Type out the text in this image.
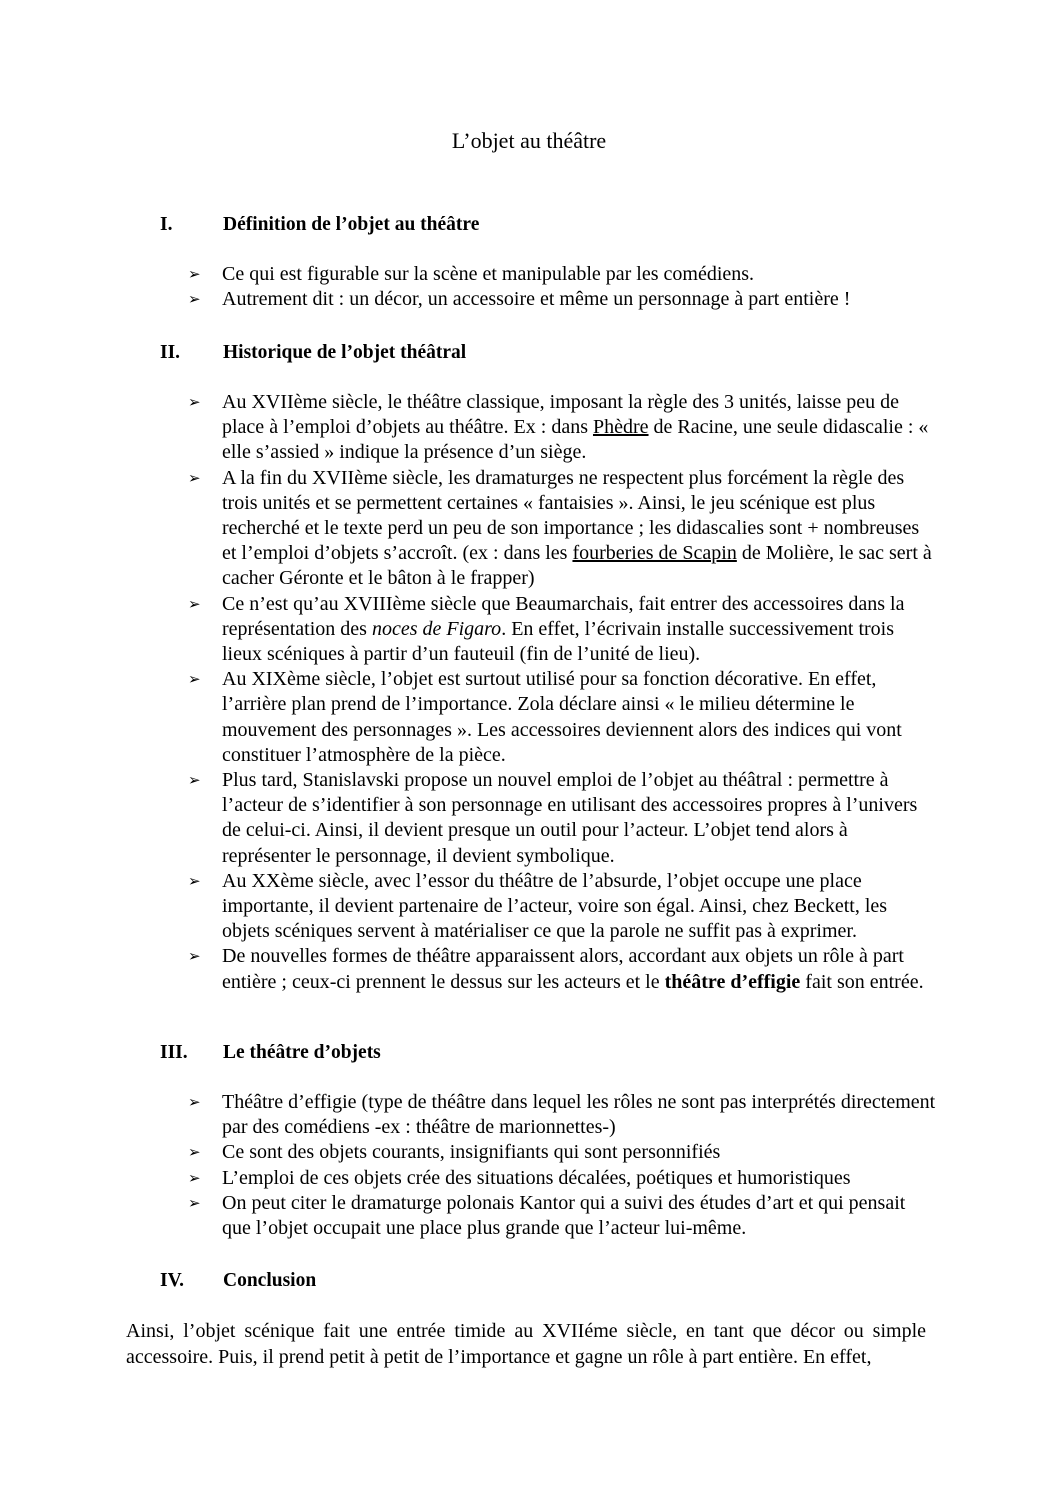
L’objet au théâtre
I.	Définition de l’objet au théâtre
➢ Ce qui est figurable sur la scène et manipulable par les comédiens.
➢ Autrement dit : un décor, un accessoire et même un personnage à part entière !
II. Historique de l’objet théâtral
➢ Au XVIIème siècle, le théâtre classique, imposant la règle des 3 unités, laisse peu de place à l’emploi d’objets au théâtre. Ex : dans Phèdre de Racine, une seule didascalie : « elle s’assied » indique la présence d’un siège.
➢ A la fin du XVIIème siècle, les dramaturges ne respectent plus forcément la règle des trois unités et se permettent certaines « fantaisies ». Ainsi, le jeu scénique est plus recherché et le texte perd un peu de son importance ; les didascalies sont + nombreuses et l’emploi d’objets s’accroît. (ex : dans les fourberies de Scapin de Molière, le sac sert à cacher Géronte et le bâton à le frapper)
➢ Ce n’est qu’au XVIIIème siècle que Beaumarchais, fait entrer des accessoires dans la représentation des noces de Figaro. En effet, l’écrivain installe successivement trois lieux scéniques à partir d’un fauteuil (fin de l’unité de lieu).
➢ Au XIXème siècle, l’objet est surtout utilisé pour sa fonction décorative. En effet, l’arrière plan prend de l’importance. Zola déclare ainsi « le milieu détermine le mouvement des personnages ». Les accessoires deviennent alors des indices qui vont constituer l’atmosphère de la pièce.
➢ Plus tard, Stanislavski propose un nouvel emploi de l’objet au théâtral : permettre à l’acteur de s’identifier à son personnage en utilisant des accessoires propres à l’univers de celui-ci. Ainsi, il devient presque un outil pour l’acteur. L’objet tend alors à représenter le personnage, il devient symbolique.
➢ Au XXème siècle, avec l’essor du théâtre de l’absurde, l’objet occupe une place importante, il devient partenaire de l’acteur, voire son égal. Ainsi, chez Beckett, les objets scéniques servent à matérialiser ce que la parole ne suffit pas à exprimer.
➢ De nouvelles formes de théâtre apparaissent alors, accordant aux objets un rôle à part entière ; ceux-ci prennent le dessus sur les acteurs et le théâtre d’effigie fait son entrée.
III. Le théâtre d’objets
➢ Théâtre d’effigie (type de théâtre dans lequel les rôles ne sont pas interprétés directement par des comédiens -ex : théâtre de marionnettes-)
➢ Ce sont des objets courants, insignifiants qui sont personnifiés
➢ L’emploi de ces objets crée des situations décalées, poétiques et humoristiques
➢ On peut citer le dramaturge polonais Kantor qui a suivi des études d’art et qui pensait que l’objet occupait une place plus grande que l’acteur lui-même.
IV. Conclusion
Ainsi, l’objet scénique fait une entrée timide au XVIIéme siècle, en tant que décor ou simple accessoire. Puis, il prend petit à petit de l’importance et gagne un rôle à part entière. En effet,
